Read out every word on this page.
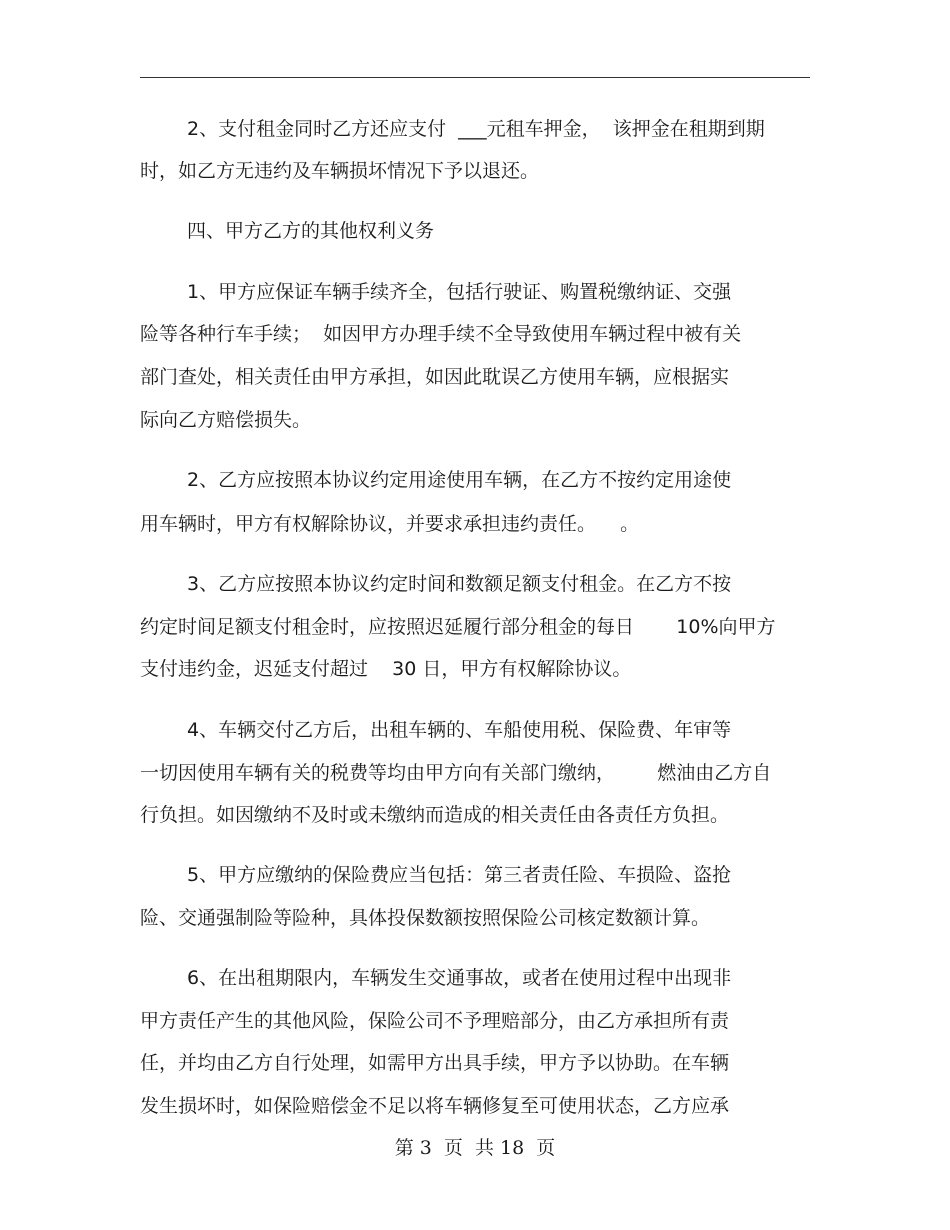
2、支付租金同时乙方还应支付  ___元租车押金，  该押金在租期到期
时，如乙方无违约及车辆损坏情况下予以退还。
四、甲方乙方的其他权利义务
1、甲方应保证车辆手续齐全，包括行驶证、购置税缴纳证、交强
险等各种行车手续；  如因甲方办理手续不全导致使用车辆过程中被有关
部门查处，相关责任由甲方承担，如因此耽误乙方使用车辆，应根据实
际向乙方赔偿损失。
2、乙方应按照本协议约定用途使用车辆，在乙方不按约定用途使
用车辆时，甲方有权解除协议，并要求承担违约责任。    。
3、乙方应按照本协议约定时间和数额足额支付租金。在乙方不按
约定时间足额支付租金时，应按照迟延履行部分租金的每日       10%向甲方
支付违约金，迟延支付超过    30 日，甲方有权解除协议。
4、车辆交付乙方后，出租车辆的、车船使用税、保险费、年审等
一切因使用车辆有关的税费等均由甲方向有关部门缴纳，       燃油由乙方自
行负担。如因缴纳不及时或未缴纳而造成的相关责任由各责任方负担。
5、甲方应缴纳的保险费应当包括：第三者责任险、车损险、盗抢
险、交通强制险等险种，具体投保数额按照保险公司核定数额计算。
6、在出租期限内，车辆发生交通事故，或者在使用过程中出现非
甲方责任产生的其他风险，保险公司不予理赔部分，由乙方承担所有责
任，并均由乙方自行处理，如需甲方出具手续，甲方予以协助。在车辆
发生损坏时，如保险赔偿金不足以将车辆修复至可使用状态，乙方应承
第 3  页  共 18  页
